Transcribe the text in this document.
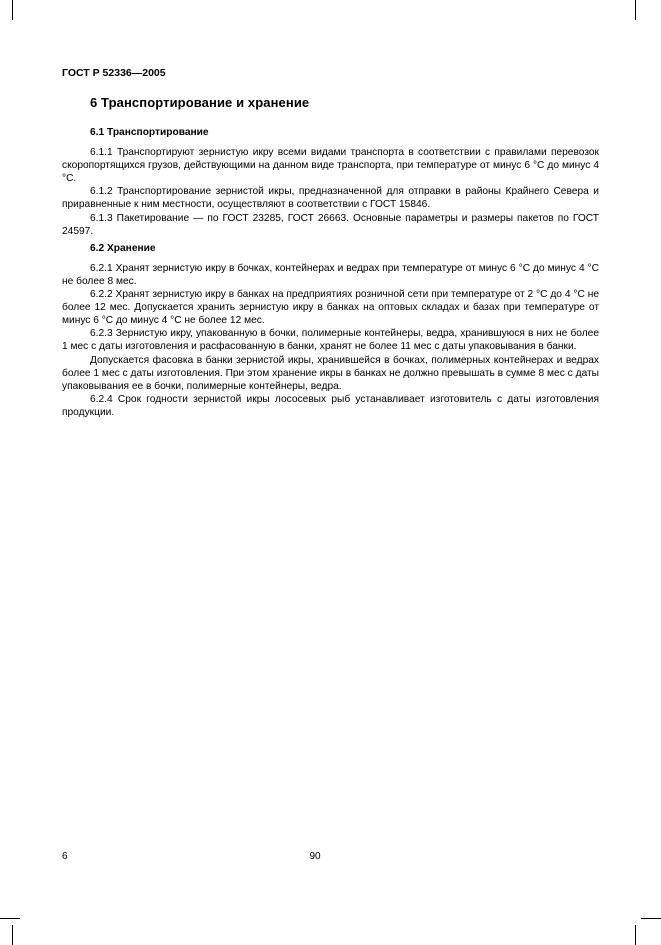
ГОСТ Р 52336—2005

6 Транспортирование и хранение

6.1 Транспортирование

6.1.1 Транспортируют зернистую икру всеми видами транспорта в соответствии с правилами перевозок скоропортящихся грузов, действующими на данном виде транспорта, при температуре от минус 6 °С до минус 4 °С.

6.1.2 Транспортирование зернистой икры, предназначенной для отправки в районы Крайнего Севера и приравненные к ним местности, осуществляют в соответствии с ГОСТ 15846.

6.1.3 Пакетирование — по ГОСТ 23285, ГОСТ 26663. Основные параметры и размеры пакетов по ГОСТ 24597.

6.2 Хранение

6.2.1 Хранят зернистую икру в бочках, контейнерах и ведрах при температуре от минус 6 °С до минус 4 °С не более 8 мес.

6.2.2 Хранят зернистую икру в банках на предприятиях розничной сети при температуре от 2 °С до 4 °С не более 12 мес. Допускается хранить зернистую икру в банках на оптовых складах и базах при температуре от минус 6 °С до минус 4 °С не более 12 мес.

6.2.3 Зернистую икру, упакованную в бочки, полимерные контейнеры, ведра, хранившуюся в них не более 1 мес с даты изготовления и расфасованную в банки, хранят не более 11 мес с даты упаковывания в банки.

Допускается фасовка в банки зернистой икры, хранившейся в бочках, полимерных контейнерах и ведрах более 1 мес с даты изготовления. При этом хранение икры в банках не должно превышать в сумме 8 мес с даты упаковывания ее в бочки, полимерные контейнеры, ведра.

6.2.4 Срок годности зернистой икры лососевых рыб устанавливает изготовитель с даты изготовления продукции.

6	90
